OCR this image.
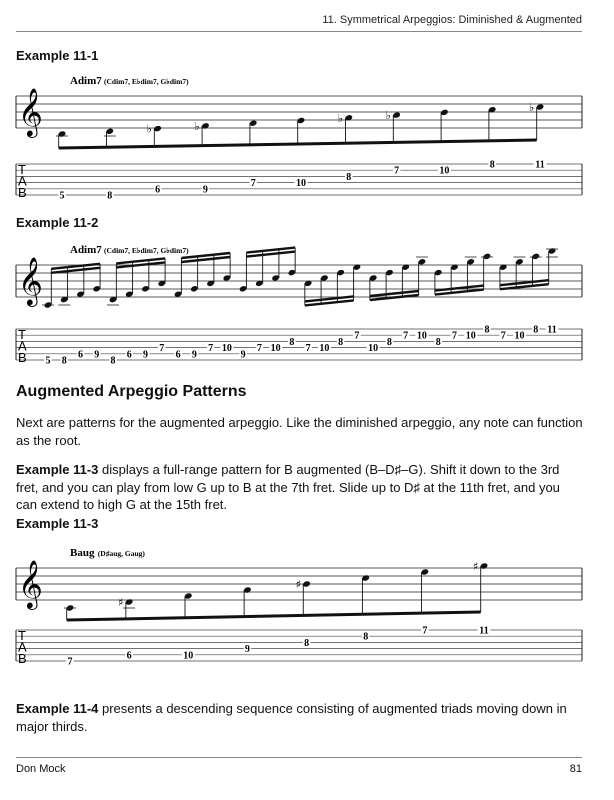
11. Symmetrical Arpeggios: Diminished & Augmented
Example 11-1
𝄞
Adim7 (Cdim7, E♭dim7, G♭dim7)
T
A
B
♭	♭
♭	♭
♭
5	8
6	9
7	10
8
7	10
8	11
Example 11-2
𝄞
Adim7 (Cdim7, E♭dim7, G♭dim7)
T
A
B 5 8
6 9
8
6 9
7
6 9
7 10
9
7 10
8
7 10
8
7
10
8
7 10
8
7 10
8
7 10
8 11
Augmented Arpeggio Patterns
Next are patterns for the augmented arpeggio. Like the diminished arpeggio, any note can function as the root.
Example 11-3 displays a full-range pattern for B augmented (B–D♯–G). Shift it down to the 3rd fret, and you can play from low G up to B at the 7th fret. Slide up to D♯ at the 11th fret, and you can extend to high G at the 15th fret.
Example 11-3
𝄞
Baug (D♯aug, Gaug)
T
A
B
♯
♯
♯
7
6	10
9
8
8
7	11
Example 11-4 presents a descending sequence consisting of augmented triads moving down in major thirds.
Don Mock	81
